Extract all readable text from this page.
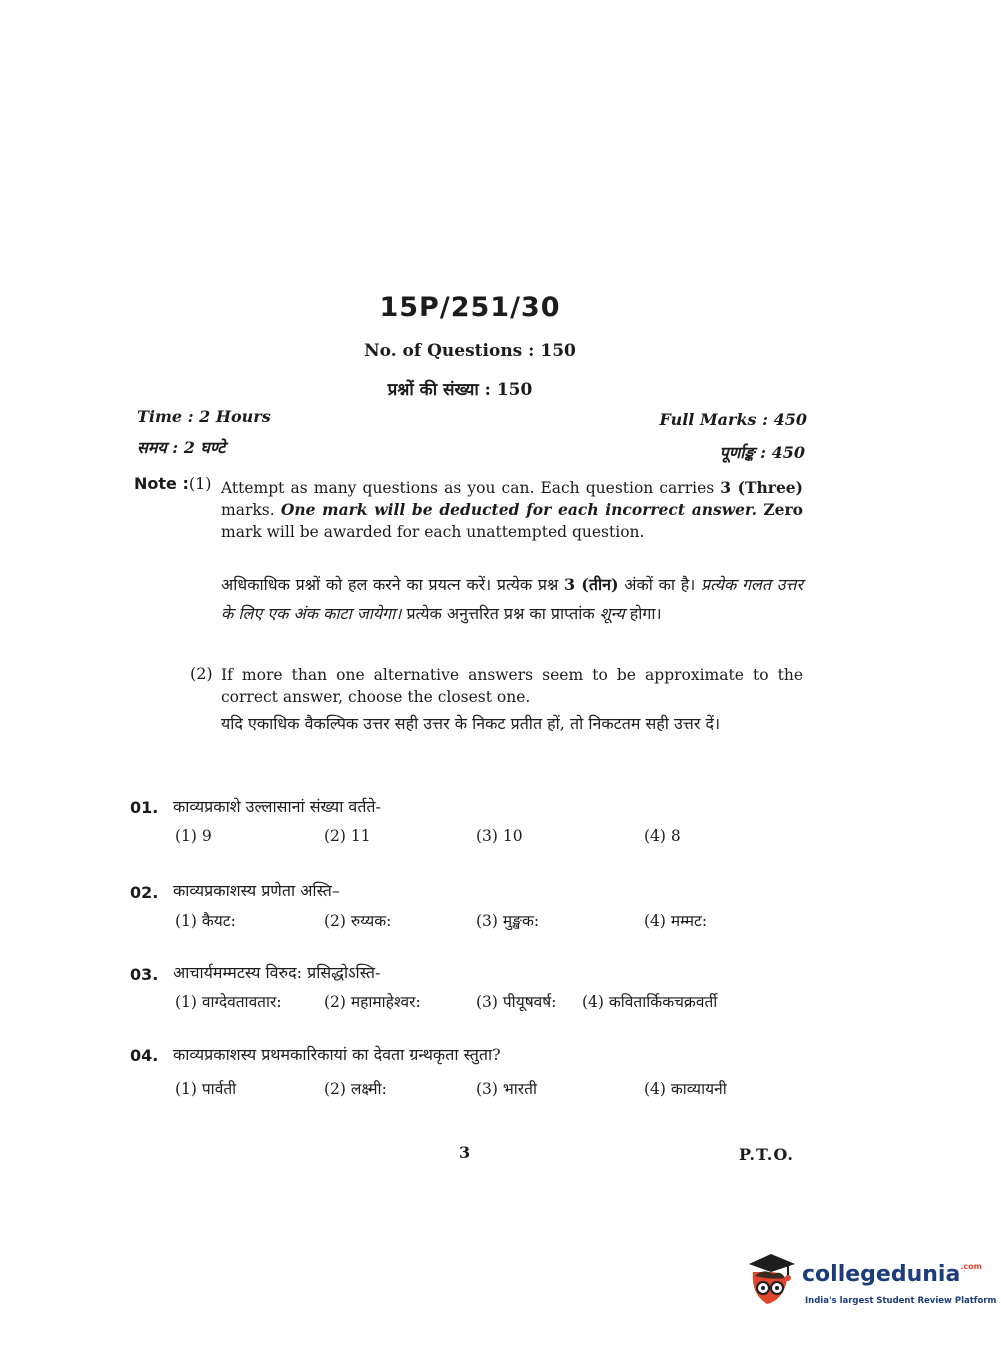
15P/251/30
No. of Questions : 150
प्रश्नों की संख्या : 150
Time : 2 Hours
समय : 2 घण्टे
Full Marks : 450
पूर्णाङ्क : 450
Note :(1) Attempt as many questions as you can. Each question carries 3 (Three) marks. One mark will be deducted for each incorrect answer. Zero mark will be awarded for each unattempted question.
अधिकाधिक प्रश्नों को हल करने का प्रयत्न करें। प्रत्येक प्रश्न 3 (तीन) अंकों का है। प्रत्येक गलत उत्तर के लिए एक अंक काटा जायेगा। प्रत्येक अनुत्तरित प्रश्न का प्राप्तांक शून्य होगा।
(2) If more than one alternative answers seem to be approximate to the correct answer, choose the closest one.
यदि एकाधिक वैकल्पिक उत्तर सही उत्तर के निकट प्रतीत हों, तो निकटतम सही उत्तर दें।
01. काव्यप्रकाशे उल्लासानां संख्या वर्तते-
(1) 9	(2) 11	(3) 10	(4) 8
02. काव्यप्रकाशस्य प्रणेता अस्ति–
(1) कैयट:	(2) रुय्यक:	(3) मुङ्खक:	(4) मम्मट:
03. आचार्यमम्मटस्य विरुद: प्रसिद्धोऽस्ति-
(1) वाग्देवतावतार:	(2) महामाहेश्वर:	(3) पीयूषवर्ष: (4) कवितार्किकचक्रवर्ती
04. काव्यप्रकाशस्य प्रथमकारिकायां का देवता ग्रन्थकृता स्तुता?
(1) पार्वती	(2) लक्ष्मी:	(3) भारती	(4) काव्यायनी
3	P.T.O.
collegedunia$^{.com}$
India's largest Student Review Platform
